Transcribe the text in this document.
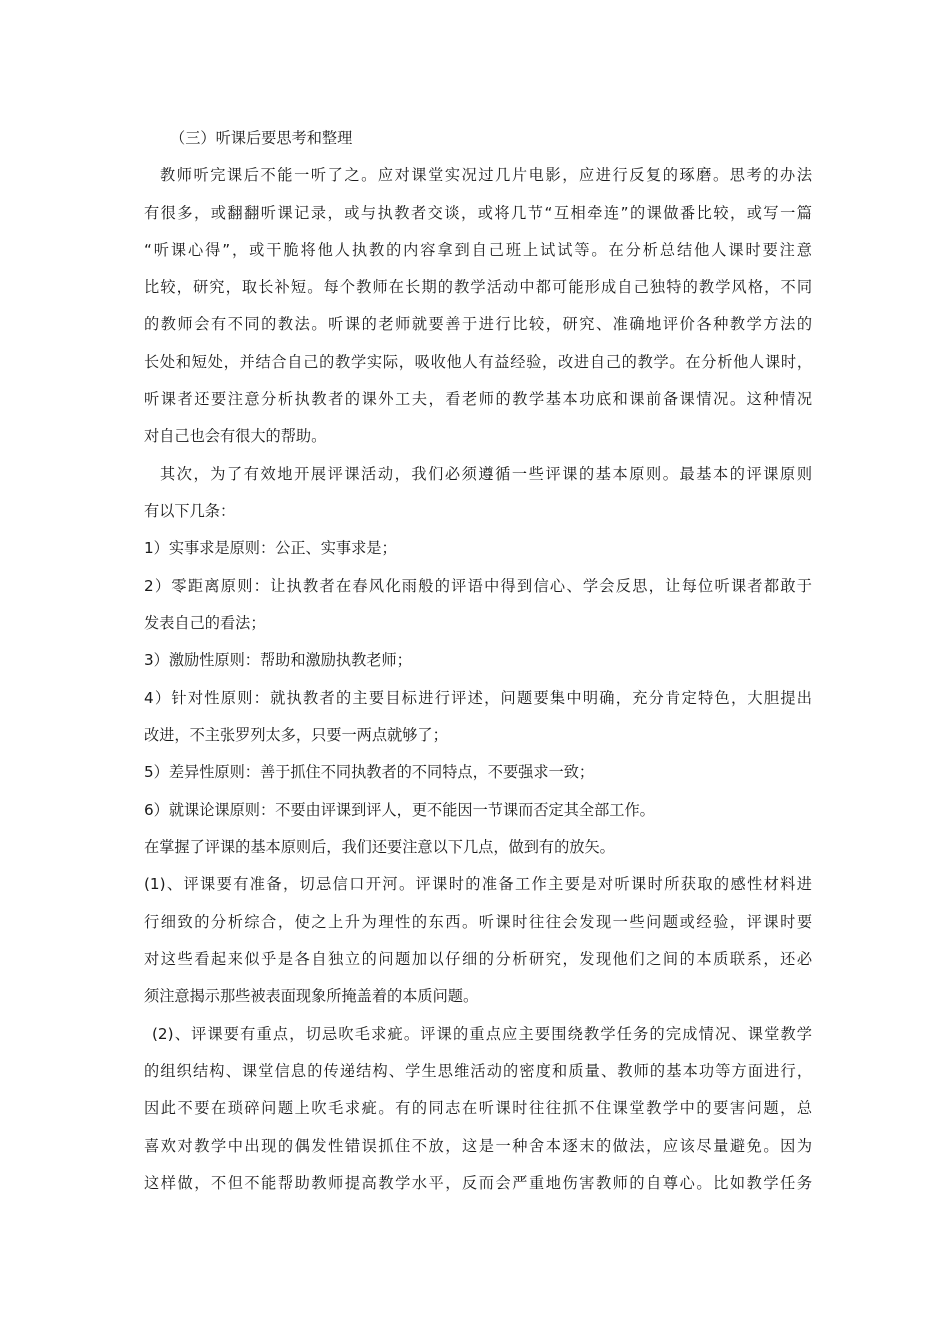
（三）听课后要思考和整理
教师听完课后不能一听了之。应对课堂实况过几片电影，应进行反复的琢磨。思考的办法
有很多，或翻翻听课记录，或与执教者交谈，或将几节“互相牵连”的课做番比较，或写一篇
“听课心得”，或干脆将他人执教的内容拿到自己班上试试等。在分析总结他人课时要注意
比较，研究，取长补短。每个教师在长期的教学活动中都可能形成自己独特的教学风格，不同
的教师会有不同的教法。听课的老师就要善于进行比较，研究、准确地评价各种教学方法的
长处和短处，并结合自己的教学实际，吸收他人有益经验，改进自己的教学。在分析他人课时，
听课者还要注意分析执教者的课外工夫，看老师的教学基本功底和课前备课情况。这种情况
对自己也会有很大的帮助。
其次，为了有效地开展评课活动，我们必须遵循一些评课的基本原则。最基本的评课原则
有以下几条：
1）实事求是原则：公正、实事求是；
2）零距离原则：让执教者在春风化雨般的评语中得到信心、学会反思，让每位听课者都敢于
发表自己的看法；
3）激励性原则：帮助和激励执教老师；
4）针对性原则：就执教者的主要目标进行评述，问题要集中明确，充分肯定特色，大胆提出
改进，不主张罗列太多，只要一两点就够了；
5）差异性原则：善于抓住不同执教者的不同特点，不要强求一致；
6）就课论课原则：不要由评课到评人，更不能因一节课而否定其全部工作。
在掌握了评课的基本原则后，我们还要注意以下几点，做到有的放矢。
(1)、评课要有准备，切忌信口开河。评课时的准备工作主要是对听课时所获取的感性材料进
行细致的分析综合，使之上升为理性的东西。听课时往往会发现一些问题或经验，评课时要
对这些看起来似乎是各自独立的问题加以仔细的分析研究，发现他们之间的本质联系，还必
须注意揭示那些被表面现象所掩盖着的本质问题。
(2)、评课要有重点，切忌吹毛求疵。评课的重点应主要围绕教学任务的完成情况、课堂教学
的组织结构、课堂信息的传递结构、学生思维活动的密度和质量、教师的基本功等方面进行，
因此不要在琐碎问题上吹毛求疵。有的同志在听课时往往抓不住课堂教学中的要害问题，总
喜欢对教学中出现的偶发性错误抓住不放，这是一种舍本逐末的做法，应该尽量避免。因为
这样做，不但不能帮助教师提高教学水平，反而会严重地伤害教师的自尊心。比如教学任务
